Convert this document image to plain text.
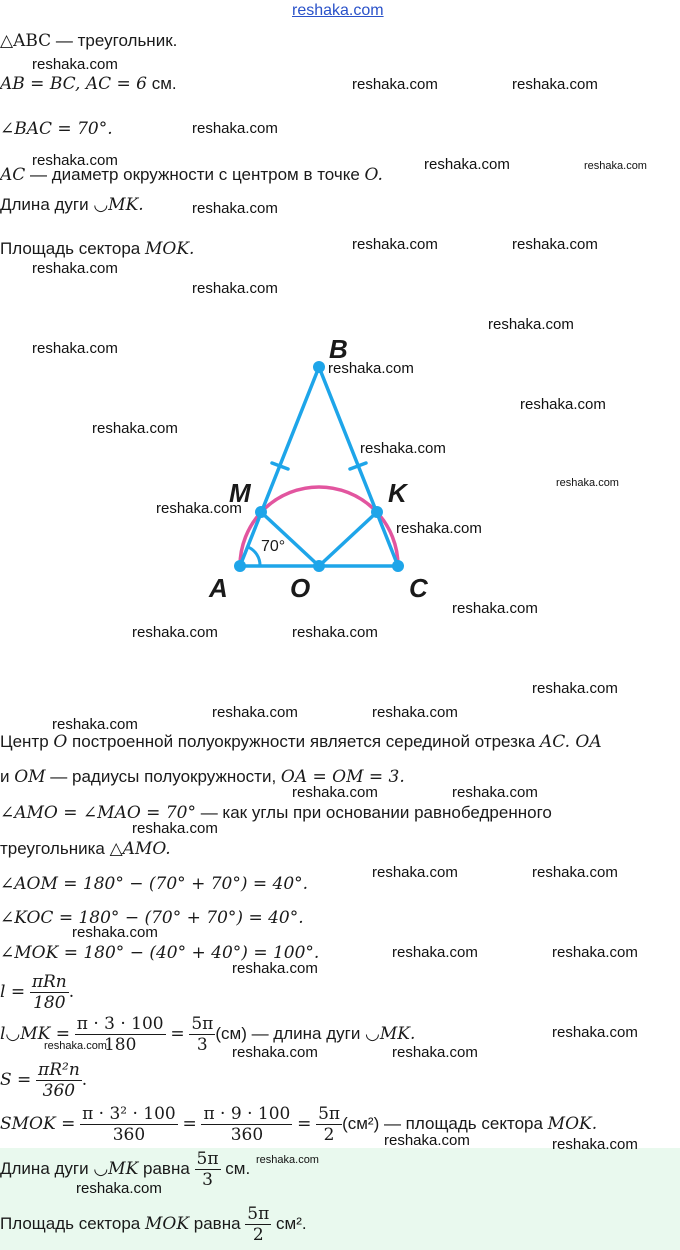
reshaka.com
△ABC — треугольник.
AB = BC, AC = 6 см.
∠BAC = 70°.
AC — диаметр окружности с центром в точке O.
Длина дуги ◡MK.
Площадь сектора MOK.
B
M	K
A O	C
70°
Центр O построенной полуокружности является серединой отрезка AC. OA
и OM — радиусы полуокружности, OA = OM = 3.
∠AMO = ∠MAO = 70° — как углы при основании равнобедренного
треугольника △AMO.
∠AOM = 180° − (70° + 70°) = 40°.
∠KOC = 180° − (70° + 70°) = 40°.
∠MOK = 180° − (40° + 40°) = 100°.
$l = \frac{\text{πRn}}{180}$ .
l◡MK = $\frac{\pi \cdot 3 \cdot 100}{180} = \frac{5\pi}{3} (см)$ — длина дуги ◡MK.
$S = \frac{\text{πR²n}}{360}$ .
SMOK = $\frac{\text{π · 3² · 100}}{360} = \frac{\pi \cdot 9 \cdot 100}{360} = \frac{5\pi}{2} (см^2)$ — площадь сектора MOK.
Длина дуги ◡MK равна $\frac{5\pi}{3}$ см.
Площадь сектора MOK равна $\frac{5\pi}{2} см^2$.
reshaka.com
reshaka.com	reshaka.com
reshaka.com
reshaka.com	reshaka.com	reshaka.com
reshaka.com
reshaka.com	reshaka.com
reshaka.com
reshaka.com
reshaka.com
reshaka.com
reshaka.com
reshaka.com
reshaka.com
reshaka.com
reshaka.com
reshaka.com
reshaka.com
reshaka.com
reshaka.com	reshaka.com
reshaka.com
reshaka.com	reshaka.com
reshaka.com
reshaka.com	reshaka.com
reshaka.com
reshaka.com	reshaka.com
reshaka.com
reshaka.com	reshaka.com
reshaka.com
reshaka.com
reshaka.com	reshaka.com	reshaka.com
reshaka.com	reshaka.com
reshaka.com
reshaka.com
